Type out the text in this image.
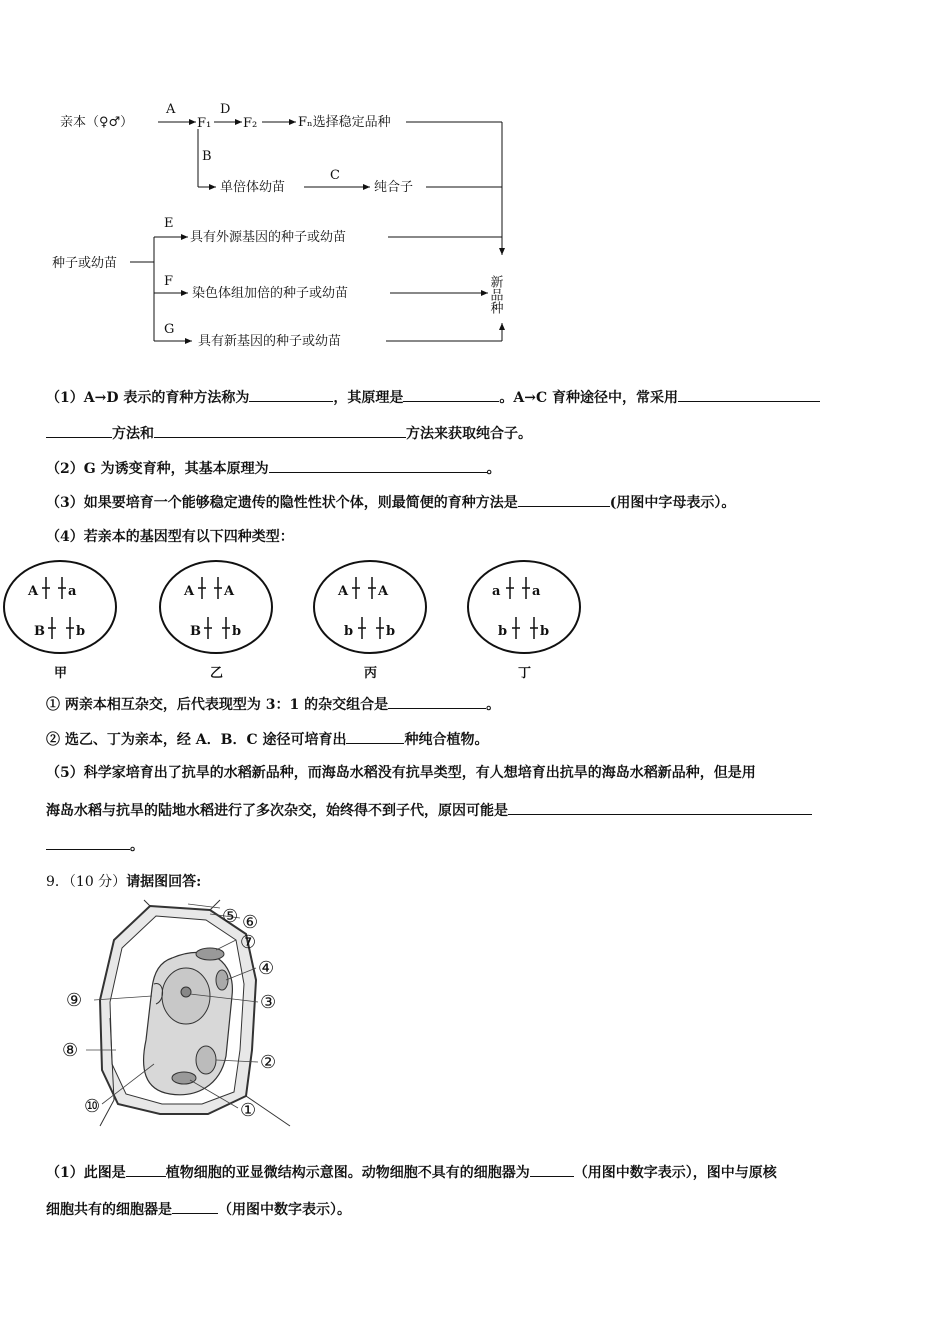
亲本（♀♂）
A
F₁
D
F₂	Fₙ选择稳定品种
B
单倍体幼苗
C
纯合子
种子或幼苗
E
具有外源基因的种子或幼苗
F
染色体组加倍的种子或幼苗
G
具有新基因的种子或幼苗
新品种
（1）A→D 表示的育种方法称为	，其原理是	。A→C 育种途径中，常采用
方法和	方法来获取纯合子。
（2）G 为诱变育种，其基本原理为	。
（3）如果要培育一个能够稳定遗传的隐性性状个体，则最简便的育种方法是	(用图中字母表示）。
（4）若亲本的基因型有以下四种类型：
A a
B b
甲
A A
B b
乙
A A
b	b
丙
a a
b	b
丁
① 两亲本相互杂交，后代表现型为 3：1 的杂交组合是	。
② 选乙、丁为亲本，经 A．B．C 途径可培育出	种纯合植物。
（5）科学家培育出了抗旱的水稻新品种，而海岛水稻没有抗旱类型，有人想培育出抗旱的海岛水稻新品种，但是用
海岛水稻与抗旱的陆地水稻进行了多次杂交，始终得不到子代，原因可能是
。
9．（10 分）请据图回答:
⑤ ⑥
⑦
④
③
②
①
⑨
⑧
⑩
（1）此图是	植物细胞的亚显微结构示意图。动物细胞不具有的细胞器为	（用图中数字表示），图中与原核
细胞共有的细胞器是	（用图中数字表示）。
